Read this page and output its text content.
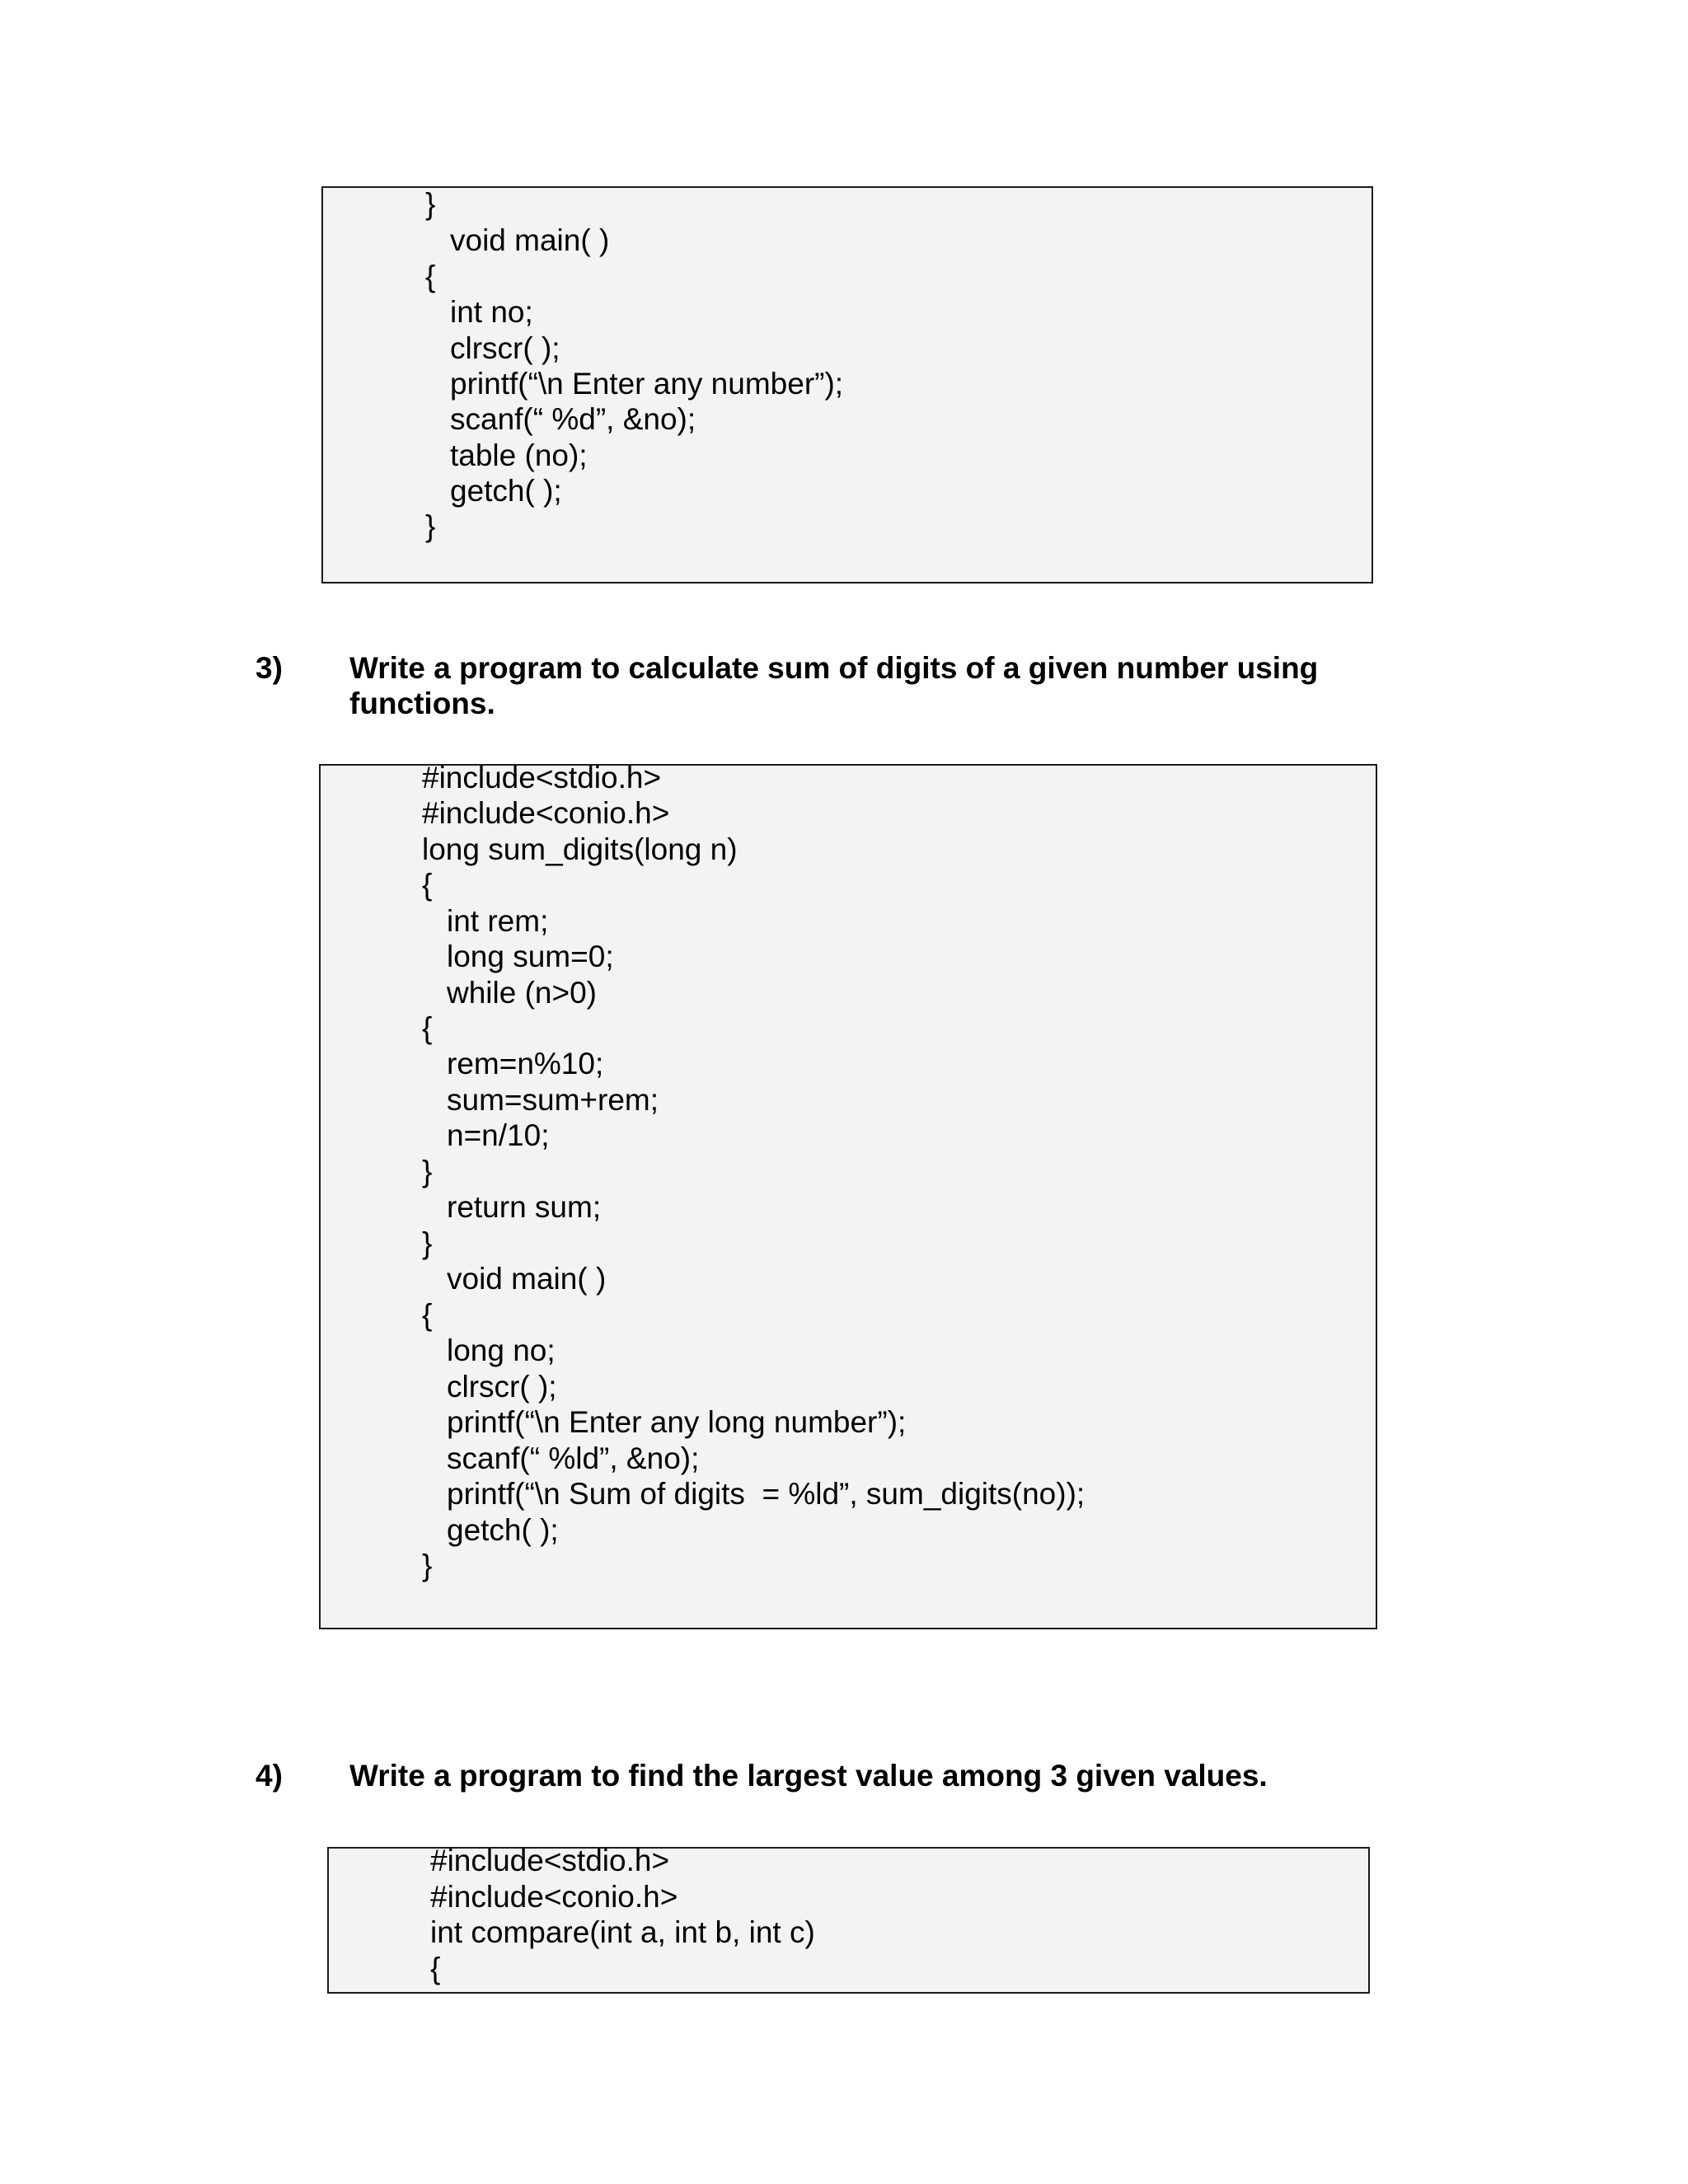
}
void main( )
{
int no;
clrscr( );
printf(“\n Enter any number”);
scanf(“ %d”, &no);
table (no);
getch( );
}
3) Write a program to calculate sum of digits of a given number using
functions.
#include<stdio.h>
#include<conio.h>
long sum_digits(long n)
{
int rem;
long sum=0;
while (n>0)
{
rem=n%10;
sum=sum+rem;
n=n/10;
}
return sum;
}
void main( )
{
long no;
clrscr( );
printf(“\n Enter any long number”);
scanf(“ %ld”, &no);
printf(“\n Sum of digits  = %ld”, sum_digits(no));
getch( );
}
4) Write a program to find the largest value among 3 given values.
#include<stdio.h>
#include<conio.h>
int compare(int a, int b, int c)
{
